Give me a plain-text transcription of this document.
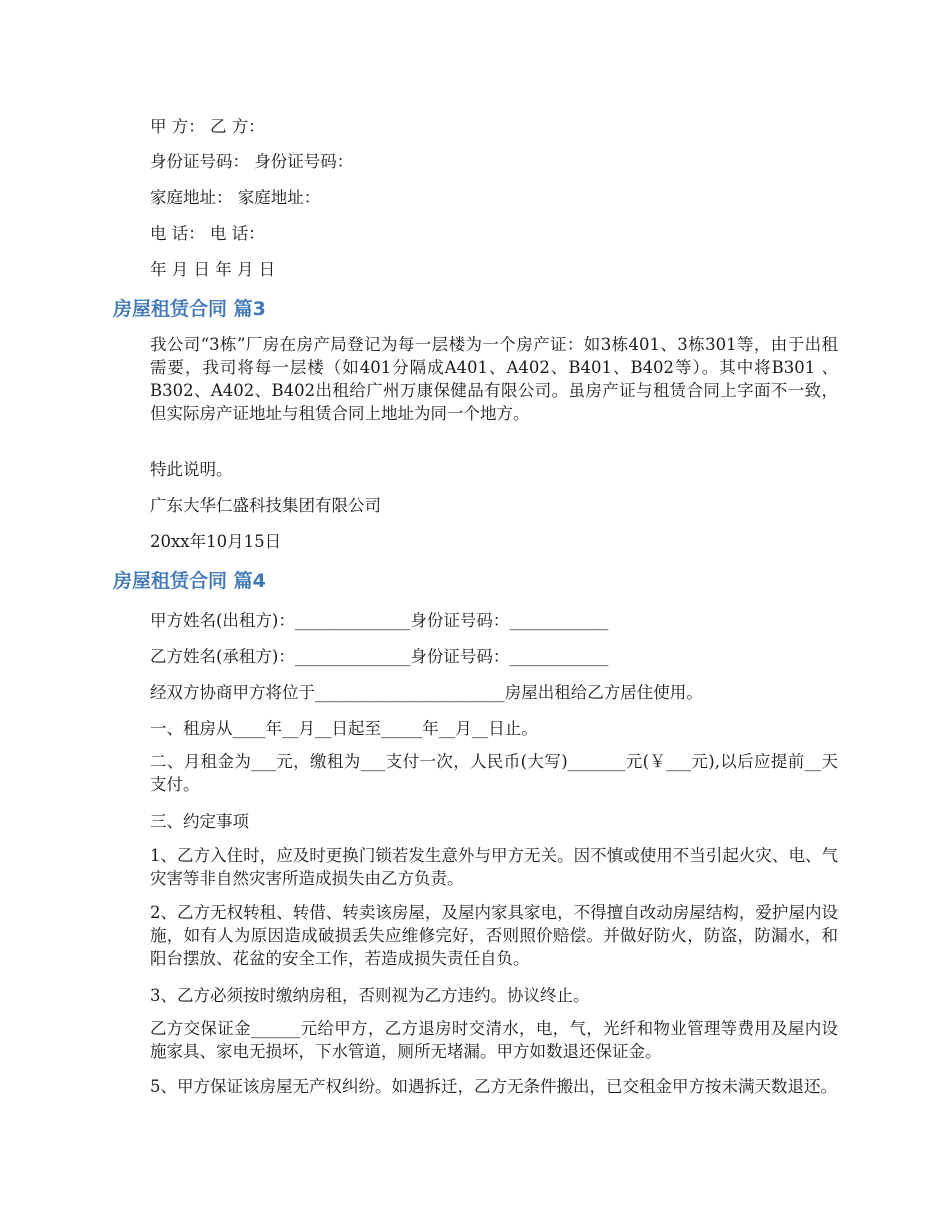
甲 方： 乙 方：
身份证号码： 身份证号码：
家庭地址： 家庭地址：
电 话： 电 话：
年 月 日 年 月 日
房屋租赁合同 篇3
我公司“3栋”厂房在房产局登记为每一层楼为一个房产证：如3栋401、3栋301等，由于出租需要，我司将每一层楼（如401分隔成A401、A402、B401、B402等）。其中将B301 、B302、A402、B402出租给广州万康保健品有限公司。虽房产证与租赁合同上字面不一致，但实际房产证地址与租赁合同上地址为同一个地方。
特此说明。
广东大华仁盛科技集团有限公司
20xx年10月15日
房屋租赁合同 篇4
甲方姓名(出租方)：______________身份证号码：____________
乙方姓名(承租方)：______________身份证号码：____________
经双方协商甲方将位于_______________________房屋出租给乙方居住使用。
一、租房从____年__月__日起至_____年__月__日止。
二、月租金为___元，缴租为___支付一次，人民币(大写)_______元(￥___元),以后应提前__天支付。
三、约定事项
1、乙方入住时，应及时更换门锁若发生意外与甲方无关。因不慎或使用不当引起火灾、电、气灾害等非自然灾害所造成损失由乙方负责。
2、乙方无权转租、转借、转卖该房屋，及屋内家具家电，不得擅自改动房屋结构，爱护屋内设施，如有人为原因造成破损丢失应维修完好，否则照价赔偿。并做好防火，防盗，防漏水，和阳台摆放、花盆的安全工作，若造成损失责任自负。
3、乙方必须按时缴纳房租，否则视为乙方违约。协议终止。
乙方交保证金______元给甲方，乙方退房时交清水，电，气，光纤和物业管理等费用及屋内设施家具、家电无损坏，下水管道，厕所无堵漏。甲方如数退还保证金。
5、甲方保证该房屋无产权纠纷。如遇拆迁，乙方无条件搬出，已交租金甲方按未满天数退还。
